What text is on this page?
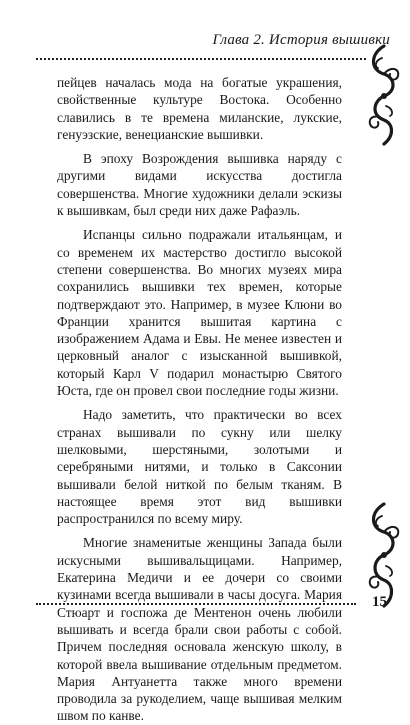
Глава 2. История вышивки

пейцев началась мода на богатые украшения, свойственные культуре Востока. Особенно славились в те времена миланские, лукские, генуэзские, венецианские вышивки.

В эпоху Возрождения вышивка наряду с другими видами искусства достигла совершенства. Многие художники делали эскизы к вышивкам, был среди них даже Рафаэль.

Испанцы сильно подражали итальянцам, и со временем их мастерство достигло высокой степени совершенства. Во многих музеях мира сохранились вышивки тех времен, которые подтверждают это. Например, в музее Клюни во Франции хранится вышитая картина с изображением Адама и Евы. Не менее известен и церковный аналог с изысканной вышивкой, который Карл V подарил монастырю Святого Юста, где он провел свои последние годы жизни.

Надо заметить, что практически во всех странах вышивали по сукну или шелку шелковыми, шерстяными, золотыми и серебряными нитями, и только в Саксонии вышивали белой ниткой по белым тканям. В настоящее время этот вид вышивки распространился по всему миру.

Многие знаменитые женщины Запада были искусными вышивальщицами. Например, Екатерина Медичи и ее дочери со своими кузинами всегда вышивали в часы досуга. Мария Стюарт и госпожа де Ментенон очень любили вышивать и всегда брали свои работы с собой. Причем последняя основала женскую школу, в которой ввела вышивание отдельным предметом. Мария Антуанетта также много времени проводила за рукоделием, чаще вышивая мелким швом по канве.

15
